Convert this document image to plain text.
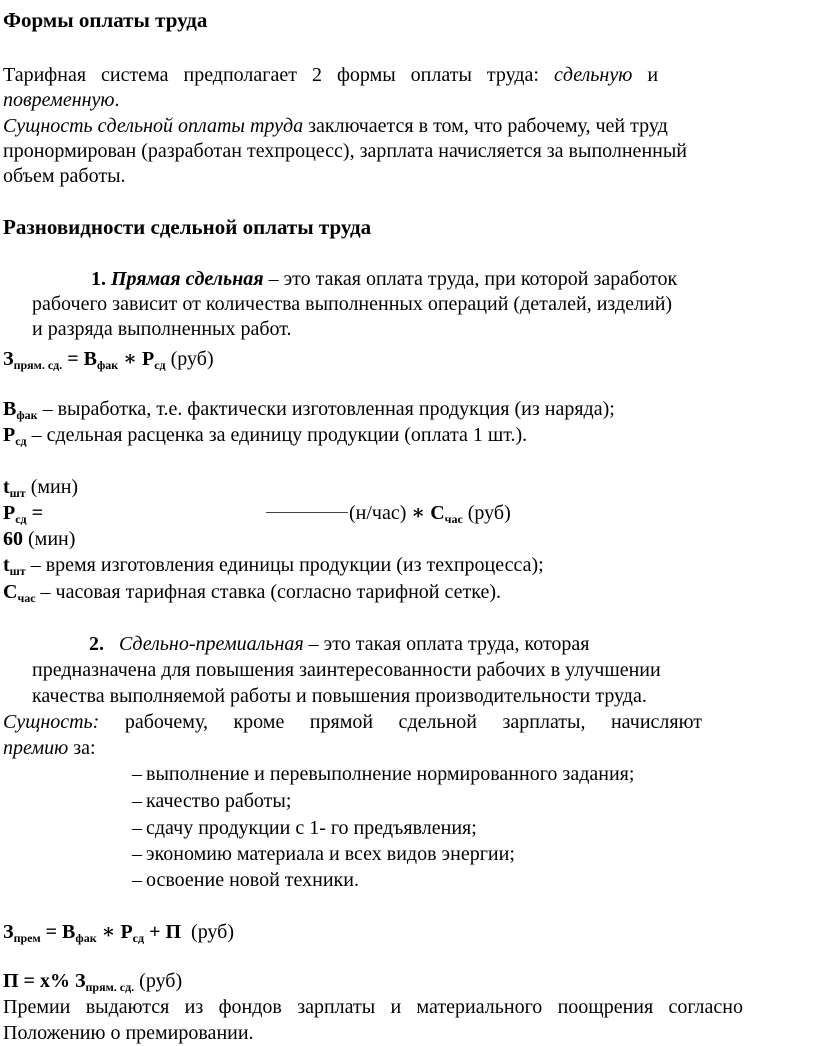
Формы оплаты труда
Тарифная система предполагает 2 формы оплаты труда: сдельную и
повременную.
Сущность сдельной оплаты труда заключается в том, что рабочему, чей труд
пронормирован (разработан техпроцесс), зарплата начисляется за выполненный
объем работы.
Разновидности сдельной оплаты труда
1. Прямая сдельная – это такая оплата труда, при которой заработок
рабочего зависит от количества выполненных операций (деталей, изделий)
и разряда выполненных работ.
$З_{прям. сд.} = В_{фак}$ ∗ $Р_{сд}$ (руб)
$В_{фак}$ – выработка, т.е. фактически изготовленная продукция (из наряда);
$Р_{сд}$ – сдельная расценка за единицу продукции (оплата 1 шт.).
$t_{шт}$ (мин)
$Р_{сд}$ =	(н/час) ∗ $С_{час}$ (руб)
60 (мин)
$t_{шт}$ – время изготовления единицы продукции (из техпроцесса);
$С_{час}$ – часовая тарифная ставка (согласно тарифной сетке).
2. Сдельно-премиальная – это такая оплата труда, которая
предназначена для повышения заинтересованности рабочих в улучшении
качества выполняемой работы и повышения производительности труда.
Сущность: рабочему, кроме прямой сдельной зарплаты, начисляют
премию за:
– выполнение и перевыполнение нормированного задания;
– качество работы;
– сдачу продукции с 1- го предъявления;
– экономию материала и всех видов энергии;
– освоение новой техники.
$З_{прем} = В_{фак}$ ∗ $Р_{сд} + П$ (руб)
П = х% $З_{прям. сд.}$ (руб)
Премии выдаются из фондов зарплаты и материального поощрения согласно
Положению о премировании.
